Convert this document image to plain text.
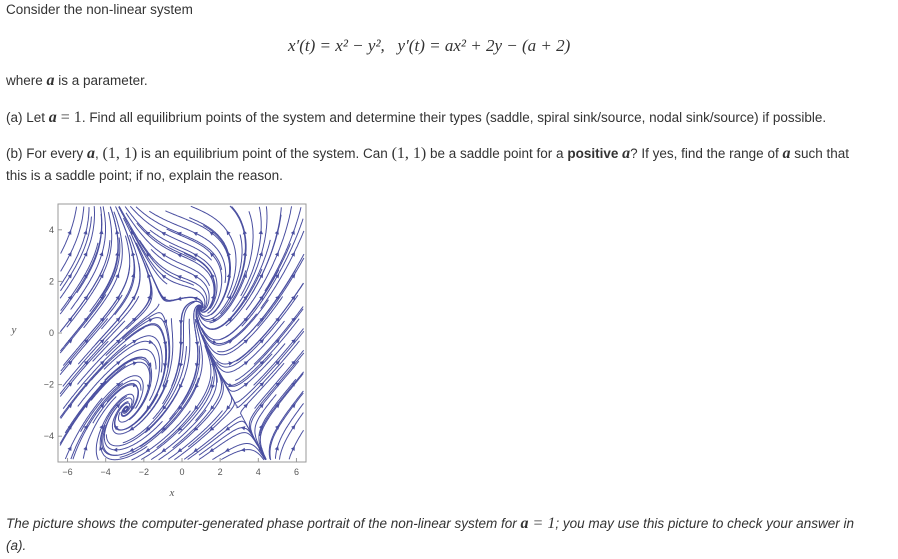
Consider the non-linear system
x′(t) = x² − y², y′(t) = ax² + 2y − (a + 2)
where a is a parameter.
(a) Let a = 1. Find all equilibrium points of the system and determine their types (saddle, spiral sink/source, nodal sink/source) if possible.
(b) For every a, (1, 1) is an equilibrium point of the system. Can (1, 1) be a saddle point for a positive a? If yes, find the range of a such that
this is a saddle point; if no, explain the reason.
−6	−4	−2	0	2	4	6
4
2
0
−2
−4
x
y
The picture shows the computer-generated phase portrait of the non-linear system for a = 1; you may use this picture to check your answer in
(a).
